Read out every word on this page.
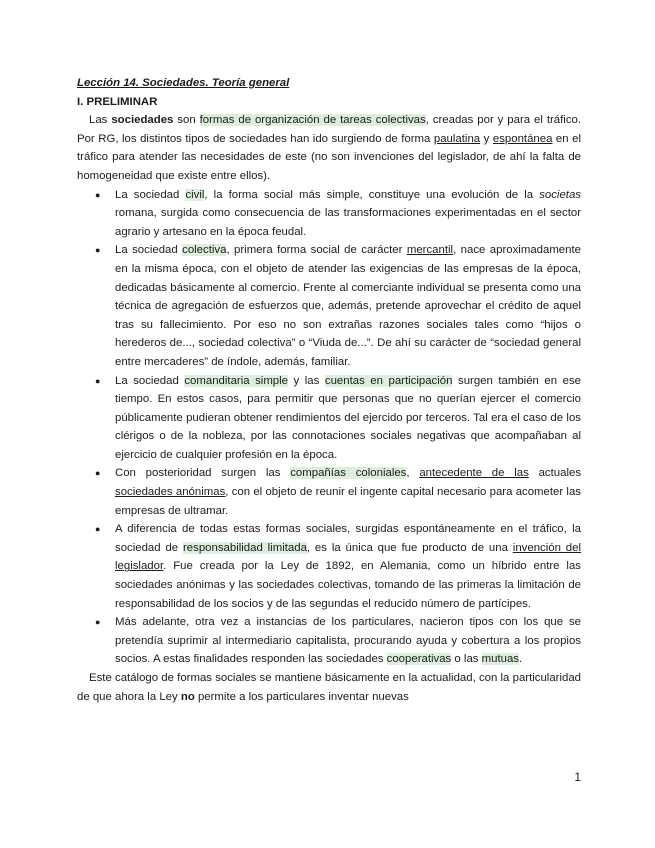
Lección 14. Sociedades. Teoría general

I. PRELIMINAR

Las sociedades son formas de organización de tareas colectivas, creadas por y para el tráfico. Por RG, los distintos tipos de sociedades han ido surgiendo de forma paulatina y espontánea en el tráfico para atender las necesidades de este (no son invenciones del legislador, de ahí la falta de homogeneidad que existe entre ellos).

● La sociedad civil, la forma social más simple, constituye una evolución de la societas romana, surgida como consecuencia de las transformaciones experimentadas en el sector agrario y artesano en la época feudal.
● La sociedad colectiva, primera forma social de carácter mercantil, nace aproximadamente en la misma época, con el objeto de atender las exigencias de las empresas de la época, dedicadas básicamente al comercio. Frente al comerciante individual se presenta como una técnica de agregación de esfuerzos que, además, pretende aprovechar el crédito de aquel tras su fallecimiento. Por eso no son extrañas razones sociales tales como “hijos o herederos de..., sociedad colectiva” o “Viuda de...”. De ahí su carácter de “sociedad general entre mercaderes” de índole, además, familiar.
● La sociedad comanditaria simple y las cuentas en participación surgen también en ese tiempo. En estos casos, para permitir que personas que no querían ejercer el comercio públicamente pudieran obtener rendimientos del ejercido por terceros. Tal era el caso de los clérigos o de la nobleza, por las connotaciones sociales negativas que acompañaban al ejercicio de cualquier profesión en la época.
● Con posterioridad surgen las compañías coloniales, antecedente de las actuales sociedades anónimas, con el objeto de reunir el ingente capital necesario para acometer las empresas de ultramar.
● A diferencia de todas estas formas sociales, surgidas espontáneamente en el tráfico, la sociedad de responsabilidad limitada, es la única que fue producto de una invención del legislador. Fue creada por la Ley de 1892, en Alemania, como un híbrido entre las sociedades anónimas y las sociedades colectivas, tomando de las primeras la limitación de responsabilidad de los socios y de las segundas el reducido número de partícipes.
● Más adelante, otra vez a instancias de los particulares, nacieron tipos con los que se pretendía suprimir al intermediario capitalista, procurando ayuda y cobertura a los propios socios. A estas finalidades responden las sociedades cooperativas o las mutuas.

Este catálogo de formas sociales se mantiene básicamente en la actualidad, con la particularidad de que ahora la Ley no permite a los particulares inventar nuevas

1
